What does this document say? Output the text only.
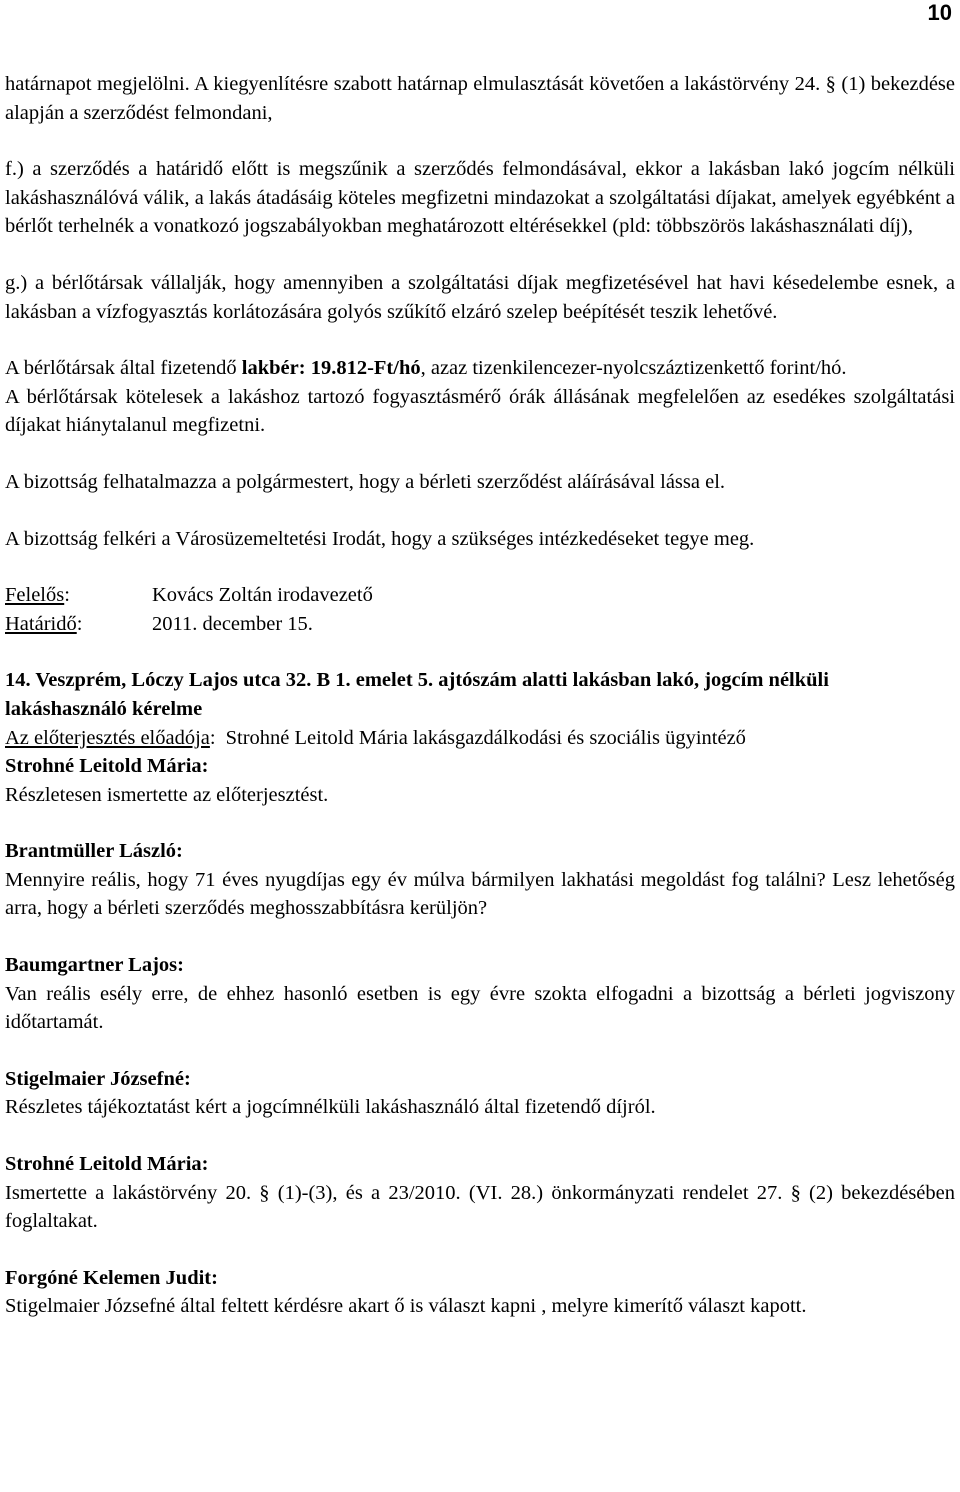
10

határnapot megjelölni. A kiegyenlítésre szabott határnap elmulasztását követően a lakástörvény 24. § (1) bekezdése alapján a szerződést felmondani,

f.) a szerződés a határidő előtt is megszűnik a szerződés felmondásával, ekkor a lakásban lakó jogcím nélküli lakáshasználóvá válik, a lakás átadásáig köteles megfizetni mindazokat a szolgáltatási díjakat, amelyek egyébként a bérlőt terhelnék a vonatkozó jogszabályokban meghatározott eltérésekkel (pld: többszörös lakáshasználati díj),

g.) a bérlőtársak vállalják, hogy amennyiben a szolgáltatási díjak megfizetésével hat havi késedelembe esnek, a lakásban a vízfogyasztás korlátozására golyós szűkítő elzáró szelep beépítését teszik lehetővé.

A bérlőtársak által fizetendő lakbér: 19.812-Ft/hó, azaz tizenkilencezer-nyolcszáztizenkettő forint/hó.

A bérlőtársak kötelesek a lakáshoz tartozó fogyasztásmérő órák állásának megfelelően az esedékes szolgáltatási díjakat hiánytalanul megfizetni.

A bizottság felhatalmazza a polgármestert, hogy a bérleti szerződést aláírásával lássa el.

A bizottság felkéri a Városüzemeltetési Irodát, hogy a szükséges intézkedéseket tegye meg.

Felelős:	Kovács Zoltán irodavezető
Határidő:	2011. december 15.

14. Veszprém, Lóczy Lajos utca 32. B 1. emelet 5. ajtószám alatti lakásban lakó, jogcím nélküli lakáshasználó kérelme

Az előterjesztés előadója: Strohné Leitold Mária lakásgazdálkodási és szociális ügyintéző

Strohné Leitold Mária:

Részletesen ismertette az előterjesztést.

Brantmüller László:

Mennyire reális, hogy 71 éves nyugdíjas egy év múlva bármilyen lakhatási megoldást fog találni? Lesz lehetőség arra, hogy a bérleti szerződés meghosszabbításra kerüljön?

Baumgartner Lajos:

Van reális esély erre, de ehhez hasonló esetben is egy évre szokta elfogadni a bizottság a bérleti jogviszony időtartamát.

Stigelmaier Józsefné:

Részletes tájékoztatást kért a jogcímnélküli lakáshasználó által fizetendő díjról.

Strohné Leitold Mária:

Ismertette a lakástörvény 20. § (1)-(3), és a 23/2010. (VI. 28.) önkormányzati rendelet 27. § (2) bekezdésében foglaltakat.

Forgóné Kelemen Judit:

Stigelmaier Józsefné által feltett kérdésre akart ő is választ kapni , melyre kimerítő választ kapott.
